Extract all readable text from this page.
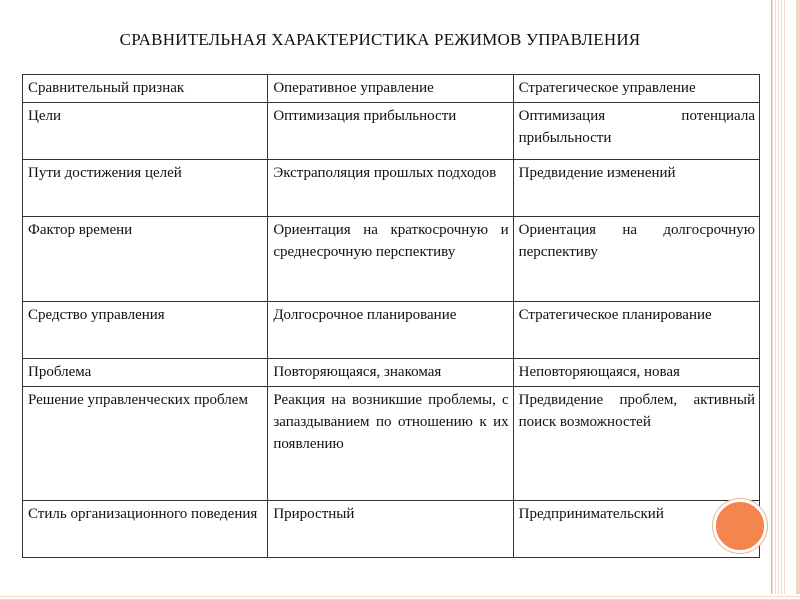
СРАВНИТЕЛЬНАЯ ХАРАКТЕРИСТИКА РЕЖИМОВ УПРАВЛЕНИЯ
Сравнительный признак	Оперативное управление	Стратегическое управление
Цели	Оптимизация прибыльности	Оптимизация потенциала прибыльности
Пути достижения целей	Экстраполяция прошлых подходов	Предвидение изменений
Фактор времени	Ориентация на краткосрочную и среднесрочную перспективу	Ориентация на долгосрочную перспективу
Средство управления	Долгосрочное планирование	Стратегическое планирование
Проблема	Повторяющаяся, знакомая	Неповторяющаяся, новая
Решение управленческих проблем	Реакция на возникшие проблемы, с запаздыванием по отношению к их появлению	Предвидение проблем, активный поиск возможностей
Стиль организационного поведения	Приростный	Предпринимательский
